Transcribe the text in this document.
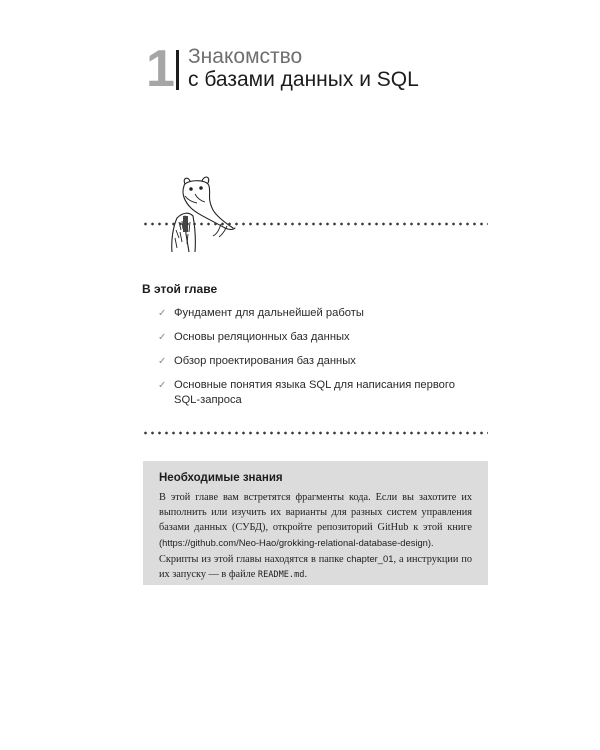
1 Знакомство
с базами данных и SQL

В этой главе

✓ Фундамент для дальнейшей работы
✓ Основы реляционных баз данных
✓ Обзор проектирования баз данных
✓ Основные понятия языка SQL для написания первого SQL-запроса

Необходимые знания

В этой главе вам встретятся фрагменты кода. Если вы захотите их выполнить или изучить их варианты для разных систем управления базами данных (СУБД), откройте репозиторий GitHub к этой книге (https://github.com/Neo-Hao/grokking-relational-database-design). Скрипты из этой главы находятся в папке chapter_01, а инструкции по их запуску — в файле README.md.
